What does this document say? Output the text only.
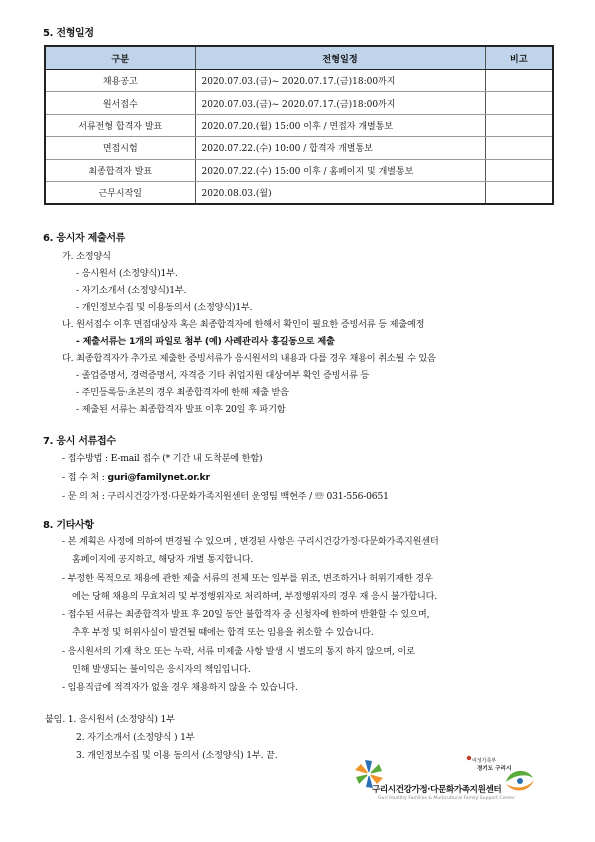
5. 전형일정
구분	전형일정	비고
채용공고	2020.07.03.(금)~ 2020.07.17.(금)18:00까지	
원서접수	2020.07.03.(금)~ 2020.07.17.(금)18:00까지	
서류전형 합격자 발표	2020.07.20.(월) 15:00 이후 / 면접자 개별통보	
면접시험	2020.07.22.(수) 10:00 / 합격자 개별통보	
최종합격자 발표	2020.07.22.(수) 15:00 이후 / 홈페이지 및 개별통보	
근무시작일	2020.08.03.(월)	
6. 응시자 제출서류
가. 소정양식
- 응시원서 (소정양식)1부.
- 자기소개서 (소정양식)1부.
- 개인정보수집 및 이용동의서 (소정양식)1부.
나. 원서접수 이후 면접대상자 혹은 최종합격자에 한해서 확인이 필요한 증빙서류 등 제출예정
- 제출서류는 1개의 파일로 첨부 (예) 사례관리사 홍길동으로 제출
다. 최종합격자가 추가로 제출한 증빙서류가 응시원서의 내용과 다를 경우 채용이 취소될 수 있음
- 졸업증명서, 경력증명서, 자격증 기타 취업지원 대상여부 확인 증빙서류 등
- 주민등록등·초본의 경우 최종합격자에 한해 제출 받음
- 제출된 서류는 최종합격자 발표 이후 20일 후 파기함
7. 응시 서류접수
- 접수방법 : E-mail 접수 (* 기간 내 도착분에 한함)
- 접 수 처 : guri@familynet.or.kr
- 문 의 처 : 구리시건강가정·다문화가족지원센터 운영팀 백현주 / ☏ 031-556-0651
8. 기타사항
- 본 계획은 사정에 의하여 변경될 수 있으며 , 변경된 사항은 구리시건강가정·다문화가족지원센터
홈페이지에 공지하고, 해당자 개별 통지합니다.
- 부정한 목적으로 채용에 관한 제출 서류의 전체 또는 일부를 위조, 변조하거나 허위기재한 경우
에는 당해 채용의 무효처리 및 부정행위자로 처리하며, 부정행위자의 경우 재 응시 불가합니다.
- 접수된 서류는 최종합격자 발표 후 20일 동안 불합격자 중 신청자에 한하여 반환할 수 있으며,
추후 부정 및 허위사실이 발견될 때에는 합격 또는 임용을 취소할 수 있습니다.
- 응시원서의 기재 착오 또는 누락, 서류 미제출 사항 발생 시 별도의 통지 하지 않으며, 이로
인해 발생되는 불이익은 응시자의 책임입니다.
- 임용직급에 적격자가 없을 경우 채용하지 않을 수 있습니다.
붙임. 1. 응시원서 (소정양식) 1부
2. 자기소개서 (소정양식 ) 1부
3. 개인정보수집 및 이용 동의서 (소정양식) 1부. 끝.	여성가족부
경기도 구리시
구리시건강가정·다문화가족지원센터
Guri Healthy Families & Multicultural Family Support Center
